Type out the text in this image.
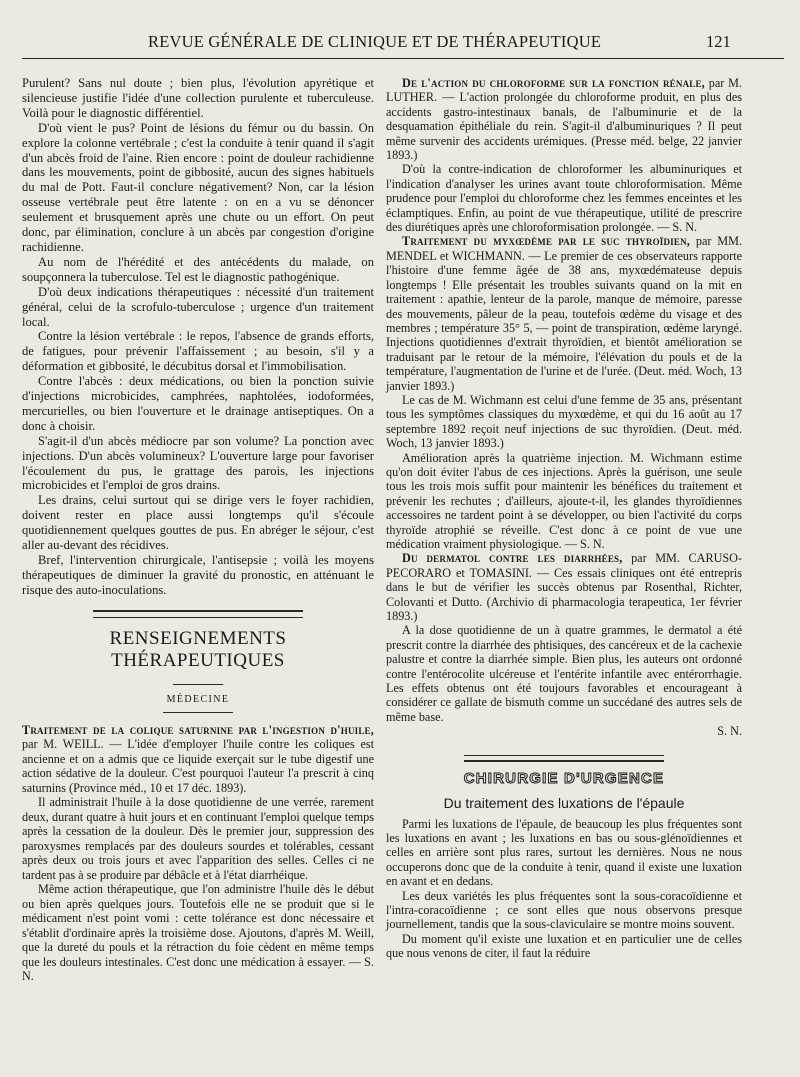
REVUE GÉNÉRALE DE CLINIQUE ET DE THÉRAPEUTIQUE	121

Purulent? Sans nul doute ; bien plus, l'évolution apyrétique et silencieuse justifie l'idée d'une collection purulente et tuberculeuse. Voilà pour le diagnostic différentiel.

D'où vient le pus? Point de lésions du fémur ou du bassin. On explore la colonne vertébrale ; c'est la conduite à tenir quand il s'agit d'un abcès froid de l'aine. Rien encore : point de douleur rachidienne dans les mouvements, point de gibbosité, aucun des signes habituels du mal de Pott. Faut-il conclure négativement? Non, car la lésion osseuse vertébrale peut être latente : on en a vu se dénoncer seulement et brusquement après une chute ou un effort. On peut donc, par élimination, conclure à un abcès par congestion d'origine rachidienne.

Au nom de l'hérédité et des antécédents du malade, on soupçonnera la tuberculose. Tel est le diagnostic pathogénique.

D'où deux indications thérapeutiques : nécessité d'un traitement général, celui de la scrofulo-tuberculose ; urgence d'un traitement local.

Contre la lésion vertébrale : le repos, l'absence de grands efforts, de fatigues, pour prévenir l'affaissement ; au besoin, s'il y a déformation et gibbosité, le décubitus dorsal et l'immobilisation.

Contre l'abcès : deux médications, ou bien la ponction suivie d'injections microbicides, camphrées, naphtolées, iodoformées, mercurielles, ou bien l'ouverture et le drainage antiseptiques. On a donc à choisir.

S'agit-il d'un abcès médiocre par son volume? La ponction avec injections. D'un abcès volumineux? L'ouverture large pour favoriser l'écoulement du pus, le grattage des parois, les injections microbicides et l'emploi de gros drains.

Les drains, celui surtout qui se dirige vers le foyer rachidien, doivent rester en place aussi longtemps qu'il s'écoule quotidiennement quelques gouttes de pus. En abréger le séjour, c'est aller au-devant des récidives.

Bref, l'intervention chirurgicale, l'antisepsie ; voilà les moyens thérapeutiques de diminuer la gravité du pronostic, en atténuant le risque des auto-inoculations.

RENSEIGNEMENTS THÉRAPEUTIQUES
MÉDECINE

Traitement de la colique saturnine par l'ingestion d'huile, par M. WEILL. — L'idée d'employer l'huile contre les coliques est ancienne et on a admis que ce liquide exerçait sur le tube digestif une action sédative de la douleur. C'est pourquoi l'auteur l'a prescrit à cinq saturnins (Province méd., 10 et 17 déc. 1893).

Il administrait l'huile à la dose quotidienne de une verrée, rarement deux, durant quatre à huit jours et en continuant l'emploi quelque temps après la cessation de la douleur. Dès le premier jour, suppression des paroxysmes remplacés par des douleurs sourdes et tolérables, cessant après deux ou trois jours et avec l'apparition des selles. Celles ci ne tardent pas à se produire par débâcle et à l'état diarrhéique.

Même action thérapeutique, que l'on administre l'huile dès le début ou bien après quelques jours. Toutefois elle ne se produit que si le médicament n'est point vomi : cette tolérance est donc nécessaire et s'établit d'ordinaire après la troisième dose. Ajoutons, d'après M. Weill, que la dureté du pouls et la rétraction du foie cèdent en même temps que les douleurs intestinales. C'est donc une médication à essayer. — S. N.

De l'action du chloroforme sur la fonction rénale, par M. LUTHER. — L'action prolongée du chloroforme produit, en plus des accidents gastro-intestinaux banals, de l'albuminurie et de la desquamation épithéliale du rein. S'agit-il d'albuminuriques ? Il peut même survenir des accidents urémiques. (Presse méd. belge, 22 janvier 1893.)

D'où la contre-indication de chloroformer les albuminuriques et l'indication d'analyser les urines avant toute chloroformisation. Même prudence pour l'emploi du chloroforme chez les femmes enceintes et les éclamptiques. Enfin, au point de vue thérapeutique, utilité de prescrire des diurétiques après une chloroformisation prolongée. — S. N.

Traitement du myxœdème par le suc thyroïdien, par MM. MENDEL et WICHMANN. — Le premier de ces observateurs rapporte l'histoire d'une femme âgée de 38 ans, myxœdémateuse depuis longtemps ! Elle présentait les troubles suivants quand on la mit en traitement : apathie, lenteur de la parole, manque de mémoire, paresse des mouvements, pâleur de la peau, toutefois œdème du visage et des membres ; température 35° 5, — point de transpiration, œdème laryngé. Injections quotidiennes d'extrait thyroïdien, et bientôt amélioration se traduisant par le retour de la mémoire, l'élévation du pouls et de la température, l'augmentation de l'urine et de l'urée. (Deut. méd. Woch, 13 janvier 1893.)

Le cas de M. Wichmann est celui d'une femme de 35 ans, présentant tous les symptômes classiques du myxœdème, et qui du 16 août au 17 septembre 1892 reçoit neuf injections de suc thyroïdien. (Deut. méd. Woch, 13 janvier 1893.)

Amélioration après la quatrième injection. M. Wichmann estime qu'on doit éviter l'abus de ces injections. Après la guérison, une seule tous les trois mois suffit pour maintenir les bénéfices du traitement et prévenir les rechutes ; d'ailleurs, ajoute-t-il, les glandes thyroïdiennes accessoires ne tardent point à se développer, ou bien l'activité du corps thyroïde atrophié se réveille. C'est donc à ce point de vue une médication vraiment physiologique. — S. N.

Du dermatol contre les diarrhées, par MM. CARUSO-PECORARO et TOMASINI. — Ces essais cliniques ont été entrepris dans le but de vérifier les succès obtenus par Rosenthal, Richter, Colovanti et Dutto. (Archivio di pharmacologia terapeutica, 1er février 1893.)

A la dose quotidienne de un à quatre grammes, le dermatol a été prescrit contre la diarrhée des phtisiques, des cancéreux et de la cachexie palustre et contre la diarrhée simple. Bien plus, les auteurs ont ordonné contre l'entérocolite ulcéreuse et l'entérite infantile avec entérorrhagie. Les effets obtenus ont été toujours favorables et encourageant à considérer ce gallate de bismuth comme un succédané des autres sels de même base.

S. N.
CHIRURGIE D'URGENCE
Du traitement des luxations de l'épaule

Parmi les luxations de l'épaule, de beaucoup les plus fréquentes sont les luxations en avant ; les luxations en bas ou sous-glénoïdiennes et celles en arrière sont plus rares, surtout les dernières. Nous ne nous occuperons donc que de la conduite à tenir, quand il existe une luxation en avant et en dedans.

Les deux variétés les plus fréquentes sont la sous-coracoïdienne et l'intra-coracoïdienne ; ce sont elles que nous observons presque journellement, tandis que la sous-claviculaire se montre moins souvent.

Du moment qu'il existe une luxation et en particulier une de celles que nous venons de citer, il faut la réduire
